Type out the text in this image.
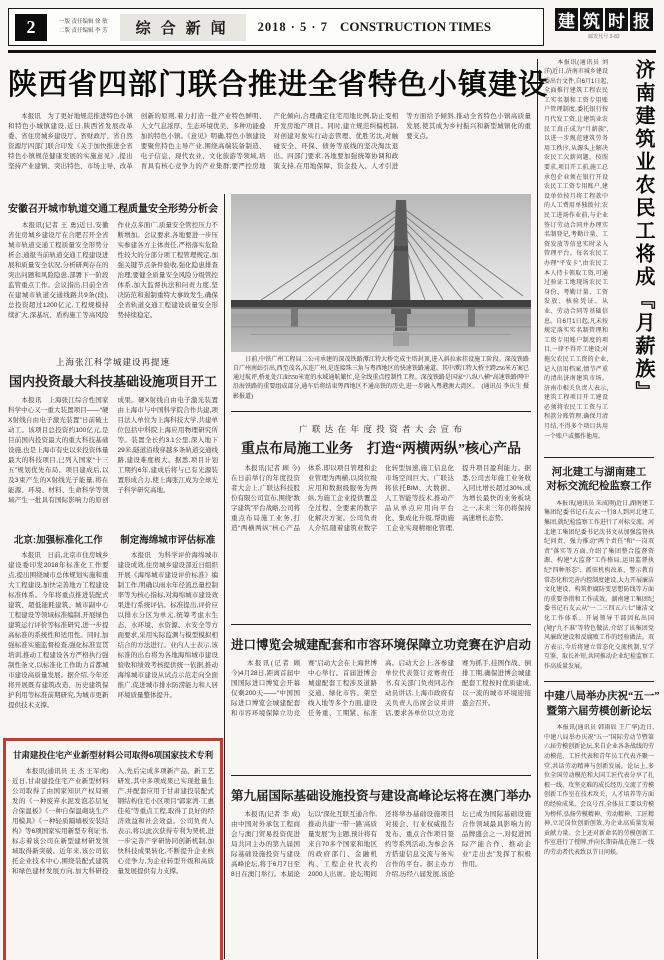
2	一版 责任编辑 徐 敏
二版 责任编辑 李 芳	综合新闻	2018 · 5 · 7 CONSTRUCTION TIMES	建 筑 时 报
邮发代号 3-82
陕西省四部门联合推进全省特色小镇建设
　　本报讯　为了更好地规范推进特色小镇和特色小城镇建设,近日,陕西省发展改革委、省住房城乡建设厅、省财政厅、省自然资源厅四部门联合印发《关于加快推进全省特色小镇规范健康发展的实施意见》,提出坚持产业建镇、突出特色、市场主导、改革创新的原则,着力打造一批产业特色鲜明、人文气息浓厚、生态环境优美、多种功能叠加的特色小镇。《意见》明确,特色小镇建设要聚焦特色主导产业,围绕高端装备制造、电子信息、现代农业、文化旅游等领域,培育具有核心竞争力的产业集群;要严控房地产化倾向,合理确定住宅用地比例,防止变相开发房地产项目。同时,建立规范纠偏机制,对创建对象实行动态管理、优胜劣汰,对触碰安全、环保、债务等底线的坚决淘汰退出。四部门要求,各地要加强统筹协调和政策支持,在用地保障、资金投入、人才引进等方面给予倾斜,推动全省特色小镇高质量发展,使其成为乡村振兴和新型城镇化的重要支点。
安徽召开城市轨道交通工程质量安全形势分析会
　　本报讯(记者 王 勇)近日,安徽省住房城乡建设厅在合肥召开全省城市轨道交通工程质量安全形势分析会,通报当前轨道交通工程建设进展和质量安全状况,分析研判存在的突出问题和风险隐患,部署下一阶段监管重点工作。会议指出,目前全省在建城市轨道交通线路共9条(段),总投资超过1200亿元,工程规模持续扩大,深基坑、盾构施工等高风险作业点多面广,质量安全管控压力不断增加。会议要求,各地要进一步压实参建各方主体责任,严格落实危险性较大的分部分项工程管理规定,加强关键节点条件验收,强化隐患排查治理;要健全质量安全风险分级管控体系,加大监督执法和问责力度,坚决防范和遏制重特大事故发生,确保全省轨道交通工程建设质量安全形势持续稳定。
上海张江科学城建设再提速
国内投资最大科技基础设施项目开工
　　本报讯　上海张江综合性国家科学中心又一重大装置项目——“硬X射线自由电子激光装置”日前破土动工。该项目总投资约100亿元,是目前国内投资最大的重大科技基础设施,也是上海市有史以来投资体量最大的科技项目,已列入国家“十三五”规划优先布局。项目建成后,以及3束产生的X射线光子能量,将在能源、环境、材料、生命科学等领域产生一批具有国际影响力的原创成果。硬X射线自由电子激光装置由上海市与中国科学院合作共建,项目法人单位为上海科技大学,共建单位包括中科院上海应用物理研究所等。装置全长约3.1公里,深入地下29米,隧道沿线穿越多条轨道交通线路,建设难度极大。据悉,项目计划工期约6年,建成后将与已有光源装置形成合力,使上海张江成为全球光子科学研究高地。
北京:加强标准化工作
　　本报讯　日前,北京市住房城乡建设委印发2018年标准化工作要点,提出围绕城市总体规划实施和重大工程建设,加快完善地方工程建设标准体系。今年将重点推进装配式建筑、超低能耗建筑、城市副中心工程建设等领域标准编制,开展绿色建筑运行评价等标准研究,进一步提高标准的系统性和适用性。同时,加强标准实施监督检查,强化标准宣贯培训,推动工程建设各方严格执行强制性条文,以标准化工作助力首都城市建设高质量发展。据介绍,今年还将开展既有建筑改造、历史建筑保护利用等标准前期研究,为城市更新提供技术支撑。
制定海绵城市评估标准
　　本报讯　为科学评价海绵城市建设成效,住房城乡建设部近日组织开展《海绵城市建设评价标准》编制工作,明确以雨水年径流总量控制率等为核心指标,对海绵城市建设效果进行系统评估。标准提出,评价应以排水分区为单元,统筹考虑水生态、水环境、水资源、水安全等方面要求,采用实际监测与模型模拟相结合的方法进行。业内人士表示,该标准的出台将为各地海绵城市建设验收和绩效考核提供统一依据,推动海绵城市建设从试点示范走向全面推广,促进城市排水防涝能力和人居环境质量整体提升。
甘肃建投住宅产业新型材料公司取得6项国家技术专利
　　本报讯(通讯员 王 杰 王军虎)近日,甘肃建投住宅产业新型材料公司取得了由国家知识产权局颁发的《一种废弃水泥发泡芯层复合保温板》《一种自保温砌块生产用模具》《一种轻质隔墙板安装结构》等6项国家实用新型专利证书,标志着该公司在新型建材研发领域取得新突破。近年来,该公司依托企业技术中心,围绕装配式建筑和绿色建材发展方向,加大科研投入,先后完成多项新产品、新工艺研发,其中多项成果已实现批量生产,并配套应用于甘肃建投装配式钢结构住宅小区项目“郭家湾·工惠佳苑”等重点工程,取得了良好的经济效益和社会效益。公司负责人表示,将以此次获得专利为契机,进一步完善产学研协同创新机制,加快科技成果转化,不断提升企业核心竞争力,为企业转型升级和高质量发展提供有力支撑。
　　日前,中铁广州工程局二公司承建的深茂铁路潭江特大桥完成主塔封顶,进入斜拉索挂设施工阶段。深茂铁路自广州南站引出,西至茂名,东连广州,是连接珠三角与粤西地区的快速铁路通道。其中潭江特大桥主跨256米方案已通过航评,桥址处江面550米宽的水域通航繁忙,是全线重点控制性工程。深茂铁路是国家“八纵八横”高速铁路网中沿海铁路的重要组成部分,通车后将结束粤西地区不通高铁的历史,进一步融入粤港澳大湾区。　(通讯员 李庆生 摄影报道)
广 联 达 在 年 度 投 资 者 大 会 宣 布
重点布局施工业务　打造“两横两纵”核心产品
　　本报讯(记者 顾 今)在日前举行的年度投资者大会上,广联达科技股份有限公司宣布,围绕“数字建筑”平台战略,公司将重点布局施工业务,打造“两横两纵”核心产品体系,即以项目管理和企业管理为两横,以岗位级应用和数据级服务为两纵,为施工企业提供覆盖全过程、全要素的数字化解决方案。公司负责人介绍,随着建筑业数字化转型加速,施工信息化市场空间巨大。广联达将依托BIM、大数据、人工智能等技术,推动产品从单点应用向平台化、集成化升级,帮助施工企业实现精细化管理,提升项目盈利能力。据悉,公司去年施工业务收入同比增长超过30%,成为增长最快的业务板块之一,未来三年仍将保持高速增长态势。
进口博览会城建配套和市容环境保障立功竞赛在沪启动
　　本报讯(记者 顾 今)4月28日,距离首届中国国际进口博览会开幕仅剩200天——“中国国际进口博览会城建配套和市容环境保障立功竞赛”启动大会在上海世博中心举行。首届进博会城建配套工程涉及道路交通、绿化市容、架空线入地等多个方面,建设任务重、工期紧、标准高。启动大会上,各参建单位代表签订竞赛责任书,有关部门负责同志作动员讲话,上海市政府有关负责人出席会议并讲话,要求各单位以立功竞赛为抓手,挂图作战、倒排工期,确保进博会城建配套工程按时优质建成,以一流的城市环境迎接盛会召开。
第九届国际基础设施投资与建设高峰论坛将在澳门举办
　　本报讯(记者 李 成)由中国对外承包工程商会与澳门贸易投资促进局共同主办的第九届国际基础设施投资与建设高峰论坛,将于6月7日至8日在澳门举行。本届论坛以“深化互联互通合作,推动共建‘一带一路’高质量发展”为主题,预计将有来自70多个国家和地区的政府部门、金融机构、工程企业代表约2000人出席。论坛期间还将举办基础设施项目对接会、行业权威报告发布、重点合作项目签约等系列活动,为参会各方搭建信息交流与务实合作的平台。据主办方介绍,历经八届发展,该论坛已成为国际基础设施合作领域最具影响力的品牌盛会之一,对促进国际产能合作、推动企业“走出去”发挥了积极作用。
　　本报讯(通讯员 刘 洋)近日,济南市城乡建设委出台文件,自6月1日起,全面推行建筑工程农民工实名制和工资专用账户管理制度,委托银行按月代发工资,让建筑业农民工真正成为“月薪族”,以进一步规范建筑劳务用工秩序,从源头上解决农民工欠薪问题。按照要求,项目开工前,施工总承包企业须在银行开设农民工工资专用账户,建设单位按月将工程款中的人工费用单独拨付;农民工进场作业前,与企业签订劳动合同并办理实名制登记,考勤计量、工资发放等信息实时录入管理平台。每名农民工办理“平安卡”,由农民工本人持卡领取工资,可通过验证工地现场农民工身份、考勤计量、工资发放、核验凭证、从业、劳动合同等基础信息。自6月1日起,凡未按规定落实实名制管理和工资专用账户制度的项目,一律不得开工建设;对拖欠农民工工资的企业,记入信用档案,情节严重的清出济南建筑市场。济南市相关负责人表示,建筑工程项目开工建设必须将农民工工资与工程款分账管理,确保月清月结,不得多个项目共用一个账户或挪作他用。
济南建筑业农民工将成『月薪族』
河北建工与湖南建工
对标交流纪检监察工作
　　本报讯(通讯员 朱成刚)近日,湖南建工集团纪委书记石友云一行8人到河北建工集团,就纪检监察工作进行了对标交流。河北建工集团纪委书记沈书文从加强监督执纪问责、强力推动“两个责任”和“一岗双责”落实等方面,介绍了集团整合监督资源、构建“大监督”工作格局,运用监督执纪“四种形态”、派驻机构改革、警示教育常态化和完善内控制度建设,大力开展廉洁文化建设、构筑拒腐防变思想防线等方面的重要举措和工作成效。湖南建工集团纪委书记石友云从“一二三四五六七”廉洁文化工作体系、开展领导干部因私出国(境)“九不准”等特色做法,介绍了该集团党风廉政建设和反腐败工作的经验做法。双方表示,今后将建立常态化交流机制,互学互鉴、取长补短,共同推动企业纪检监察工作高质量发展。
中建八局举办庆祝“五一”
暨第六届劳模创新论坛
　　本报讯(通讯员 韩雨辰 王广华)近日,中建八局举办庆祝“五一”国际劳动节暨第六届劳模创新论坛,来自企业各条战线的劳动模范、工匠代表和青年员工代表齐聚一堂,共话劳动精神与创新发展。论坛上,多位全国劳动模范和大国工匠代表分享了扎根一线、攻坚克难的成长经历,交流了劳模创新工作室在技术攻关、人才培养等方面的经验成果。会议号召,全体员工要以劳模为榜样,弘扬劳模精神、劳动精神、工匠精神,立足岗位创新创效,为企业高质量发展贡献力量。会上还对新命名的劳模创新工作室进行了授牌,并向长期奋战在施工一线的劳动者代表致以节日问候。
